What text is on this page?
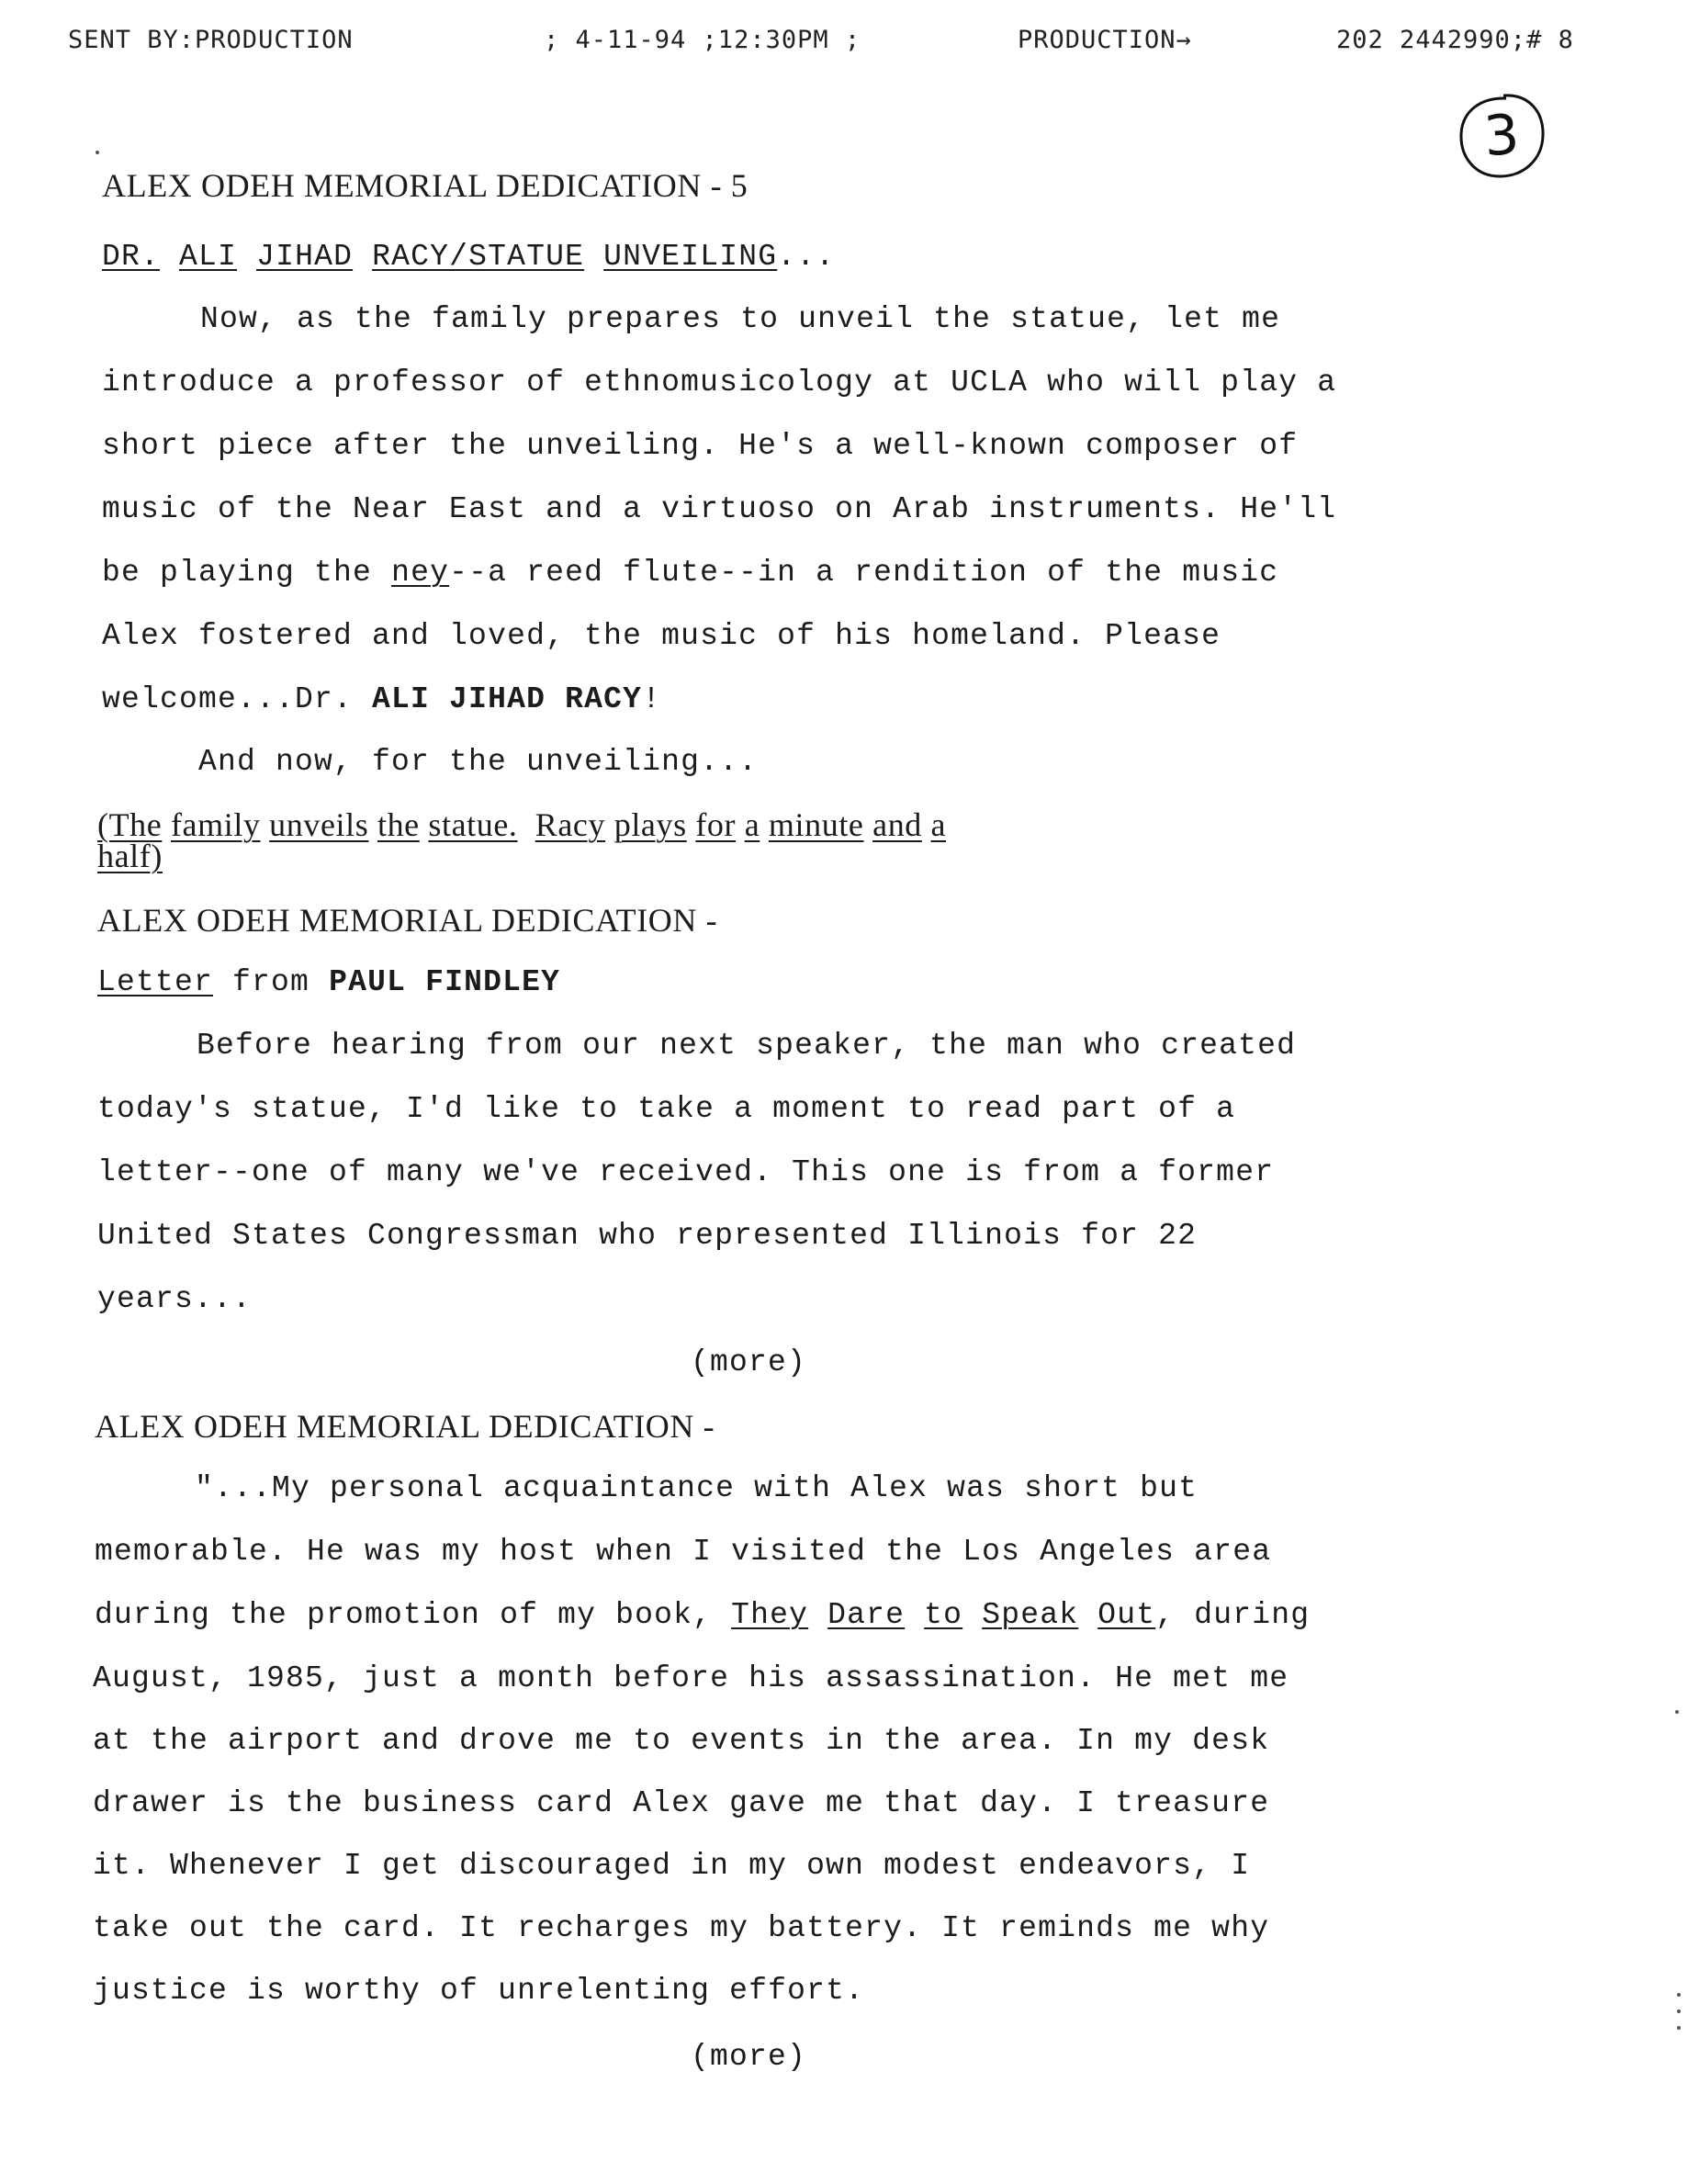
SENT BY:PRODUCTION	; 4-11-94 ;12:30PM ;	PRODUCTION→	202 2442990;# 8
3
ALEX ODEH MEMORIAL DEDICATION - 5
DR. ALI JIHAD RACY/STATUE UNVEILING...
Now, as the family prepares to unveil the statue, let me
introduce a professor of ethnomusicology at UCLA who will play a
short piece after the unveiling. He's a well-known composer of
music of the Near East and a virtuoso on Arab instruments. He'll
be playing the ney--a reed flute--in a rendition of the music
Alex fostered and loved, the music of his homeland. Please
welcome...Dr. ALI JIHAD RACY!
And now, for the unveiling...
(The family unveils the statue. Racy plays for a minute and a
half)
ALEX ODEH MEMORIAL DEDICATION -
Letter from PAUL FINDLEY
Before hearing from our next speaker, the man who created
today's statue, I'd like to take a moment to read part of a
letter--one of many we've received. This one is from a former
United States Congressman who represented Illinois for 22
years...
(more)
ALEX ODEH MEMORIAL DEDICATION -
"...My personal acquaintance with Alex was short but
memorable. He was my host when I visited the Los Angeles area
during the promotion of my book, They Dare to Speak Out, during
August, 1985, just a month before his assassination. He met me
at the airport and drove me to events in the area. In my desk
drawer is the business card Alex gave me that day. I treasure
it. Whenever I get discouraged in my own modest endeavors, I
take out the card. It recharges my battery. It reminds me why
justice is worthy of unrelenting effort.
(more)
